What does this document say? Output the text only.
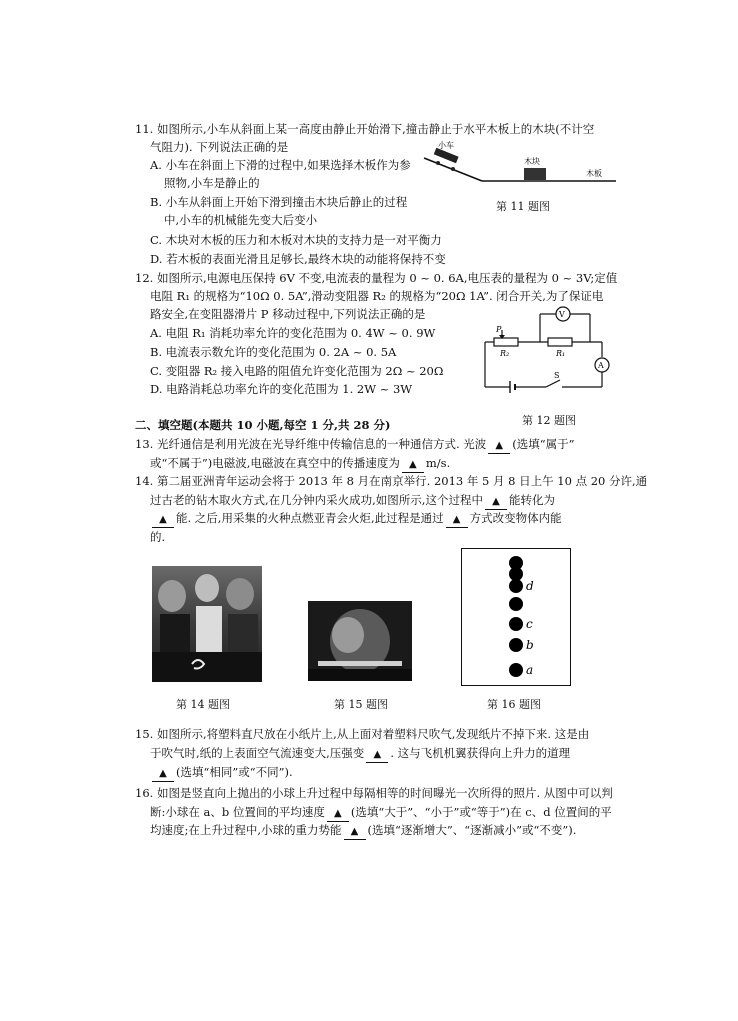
11. 如图所示,小车从斜面上某一高度由静止开始滑下,撞击静止于水平木板上的木块(不计空
气阻力). 下列说法正确的是
A. 小车在斜面上下滑的过程中,如果选择木板作为参
照物,小车是静止的
B. 小车从斜面上开始下滑到撞击木块后静止的过程
中,小车的机械能先变大后变小
C. 木块对木板的压力和木板对木块的支持力是一对平衡力
D. 若木板的表面光滑且足够长,最终木块的动能将保持不变
小车
木块
木板
第 11 题图
12. 如图所示,电源电压保持 6V 不变,电流表的量程为 0 ~ 0. 6A,电压表的量程为 0 ~ 3V;定值
电阻 R₁ 的规格为“10Ω 0. 5A”,滑动变阻器 R₂ 的规格为“20Ω 1A”. 闭合开关,为了保证电
路安全,在变阻器滑片 P 移动过程中,下列说法正确的是
A. 电阻 R₁ 消耗功率允许的变化范围为 0. 4W ~ 0. 9W
B. 电流表示数允许的变化范围为 0. 2A ~ 0. 5A
C. 变阻器 R₂ 接入电路的阻值允许变化范围为 2Ω ~ 20Ω
D. 电路消耗总功率允许的变化范围为 1. 2W ~ 3W
P
R₂	R₁
V
A
S
第 12 题图
二、填空题(本题共 10 小题,每空 1 分,共 28 分)
13. 光纤通信是利用光波在光导纤维中传输信息的一种通信方式. 光波 ▲ (选填“属于”
或“不属于”)电磁波,电磁波在真空中的传播速度为 ▲ m/s.
14. 第二届亚洲青年运动会将于 2013 年 8 月在南京举行. 2013 年 5 月 8 日上午 10 点 20 分许,通
过古老的钻木取火方式,在几分钟内采火成功,如图所示,这个过程中 ▲ 能转化为
▲ 能. 之后,用采集的火种点燃亚青会火炬,此过程是通过 ▲ 方式改变物体内能
的.
d
c
b
a
第 14 题图	第 15 题图	第 16 题图
15. 如图所示,将塑料直尺放在小纸片上,从上面对着塑料尺吹气,发现纸片不掉下来. 这是由
于吹气时,纸的上表面空气流速变大,压强变 ▲ . 这与飞机机翼获得向上升力的道理
▲ (选填“相同”或“不同”).
16. 如图是竖直向上抛出的小球上升过程中每隔相等的时间曝光一次所得的照片. 从图中可以判
断:小球在 a、b 位置间的平均速度 ▲ (选填“大于”、“小于”或“等于”)在 c、d 位置间的平
均速度;在上升过程中,小球的重力势能 ▲ (选填“逐渐增大”、“逐渐减小”或“不变”).
